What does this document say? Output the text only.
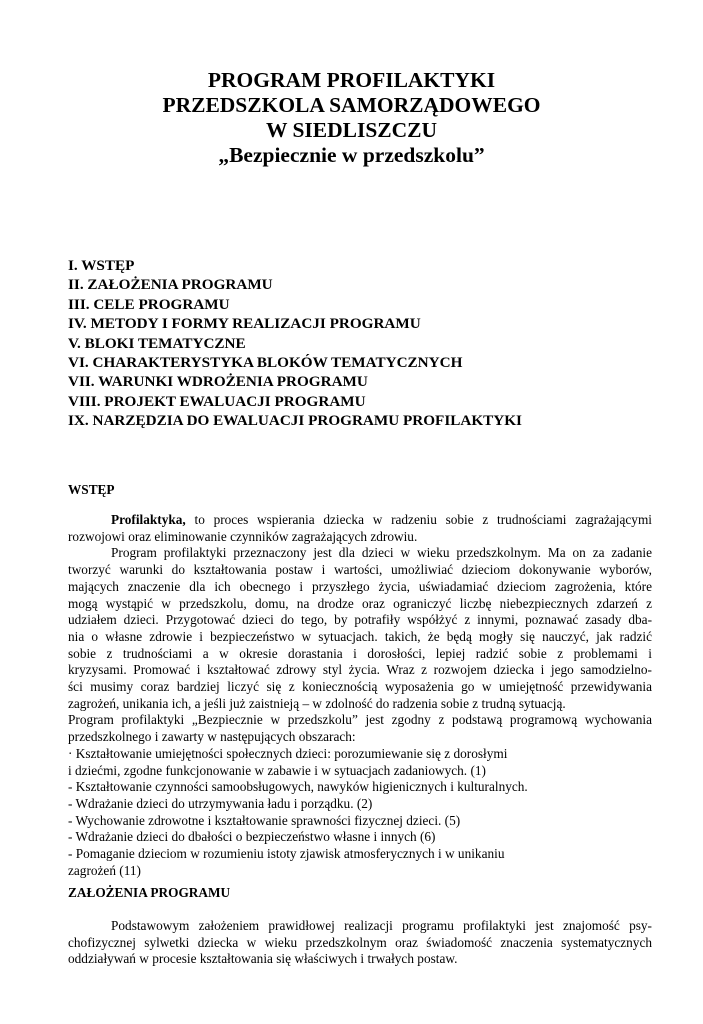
PROGRAM PROFILAKTYKI
PRZEDSZKOLA SAMORZĄDOWEGO
W SIEDLISZCZU
„Bezpiecznie w przedszkolu”
I. WSTĘP
II. ZAŁOŻENIA PROGRAMU
III. CELE PROGRAMU
IV. METODY I FORMY REALIZACJI PROGRAMU
V. BLOKI TEMATYCZNE
VI. CHARAKTERYSTYKA BLOKÓW TEMATYCZNYCH
VII. WARUNKI WDROŻENIA PROGRAMU
VIII. PROJEKT EWALUACJI PROGRAMU
IX. NARZĘDZIA DO EWALUACJI PROGRAMU PROFILAKTYKI
WSTĘP
Profilaktyka, to proces wspierania dziecka w radzeniu sobie z trudnościami zagrażającymi
rozwojowi oraz eliminowanie czynników zagrażających zdrowiu.
Program profilaktyki przeznaczony jest dla dzieci w wieku przedszkolnym. Ma on za zadanie
tworzyć warunki do kształtowania postaw i wartości, umożliwiać dzieciom dokonywanie wyborów,
mających znaczenie dla ich obecnego i przyszłego życia, uświadamiać dzieciom zagrożenia, które
mogą wystąpić w przedszkolu, domu, na drodze oraz ograniczyć liczbę niebezpiecznych zdarzeń z
udziałem dzieci. Przygotować dzieci do tego, by potrafiły współżyć z innymi, poznawać zasady dba-
nia o własne zdrowie i bezpieczeństwo w sytuacjach. takich, że będą mogły się nauczyć, jak radzić
sobie z trudnościami a w okresie dorastania i dorosłości, lepiej radzić sobie z problemami i
kryzysami. Promować i kształtować zdrowy styl życia. Wraz z rozwojem dziecka i jego samodzielno-
ści musimy coraz bardziej liczyć się z koniecznością wyposażenia go w umiejętność przewidywania
zagrożeń, unikania ich, a jeśli już zaistnieją – w zdolność do radzenia sobie z trudną sytuacją.
Program profilaktyki „Bezpiecznie w przedszkolu” jest zgodny z podstawą programową wychowania
przedszkolnego i zawarty w następujących obszarach:
· Kształtowanie umiejętności społecznych dzieci: porozumiewanie się z dorosłymi
i dziećmi, zgodne funkcjonowanie w zabawie i w sytuacjach zadaniowych. (1)
- Kształtowanie czynności samoobsługowych, nawyków higienicznych i kulturalnych.
- Wdrażanie dzieci do utrzymywania ładu i porządku. (2)
- Wychowanie zdrowotne i kształtowanie sprawności fizycznej dzieci. (5)
- Wdrażanie dzieci do dbałości o bezpieczeństwo własne i innych (6)
- Pomaganie dzieciom w rozumieniu istoty zjawisk atmosferycznych i w unikaniu
zagrożeń (11)
ZAŁOŻENIA PROGRAMU
Podstawowym założeniem prawidłowej realizacji programu profilaktyki jest znajomość psy-
chofizycznej sylwetki dziecka w wieku przedszkolnym oraz świadomość znaczenia systematycznych
oddziaływań w procesie kształtowania się właściwych i trwałych postaw.
